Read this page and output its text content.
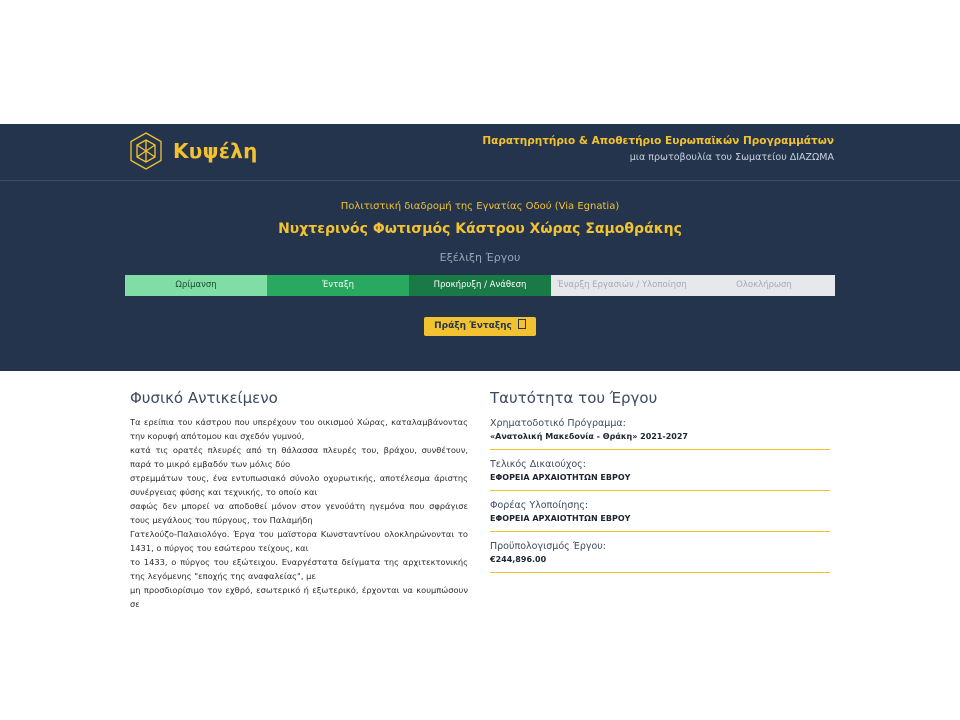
Κυψέλη	Παρατηρητήριο & Αποθετήριο Ευρωπαϊκών Προγραμμάτων
μια πρωτοβουλία του Σωματείου ΔΙΑΖΩΜΑ
Πολιτιστική διαδρομή της Εγνατίας Οδού (Via Egnatia)
Νυχτερινός Φωτισμός Κάστρου Χώρας Σαμοθράκης
Εξέλιξη Έργου
Ωρίμανση	Ένταξη	Προκήρυξη / Ανάθεση	Έναρξη Εργασιών / Υλοποίηση	Ολοκλήρωση
Πράξη Ένταξης
Φυσικό Αντικείμενο

Τα ερείπια του κάστρου που υπερέχουν του οικισμού Χώρας, καταλαμβάνοντας την κορυφή απότομου και σχεδόν γυμνού,

κατά τις ορατές πλευρές από τη θάλασσα πλευρές του, βράχου, συνθέτουν, παρά το μικρό εμβαδόν των μόλις δύο

στρεμμάτων τους, ένα εντυπωσιακό σύνολο οχυρωτικής, αποτέλεσμα άριστης συνέργειας φύσης και τεχνικής, το οποίο και

σαφώς δεν μπορεί να αποδοθεί μόνον στον γενούάτη ηγεμόνα που σφράγισε τους μεγάλους του πύργους, τον Παλαμήδη

Γατελούζο-Παλαιολόγο. Έργα του μαϊστορα Κωνσταντίνου ολοκληρώνονται το 1431, ο πύργος του εσώτερου τείχους, και

το 1433, ο πύργος του εξώτειχου. Εναργέστατα δείγματα της αρχιτεκτονικής της λεγόμενης "εποχής της αναφαλείας", με

μη προσδιορίσιμο τον εχθρό, εσωτερικό ή εξωτερικό, έρχονται να κουμπώσουν σε

Ταυτότητα του Έργου
Χρηματοδοτικό Πρόγραμμα:
«Ανατολική Μακεδονία - Θράκη» 2021-2027
Τελικός Δικαιούχος:
ΕΦΟΡΕΙΑ ΑΡΧΑΙΟΤΗΤΩΝ ΕΒΡΟΥ
Φορέας Υλοποίησης:
ΕΦΟΡΕΙΑ ΑΡΧΑΙΟΤΗΤΩΝ ΕΒΡΟΥ
Προϋπολογισμός Έργου:
€244,896.00
